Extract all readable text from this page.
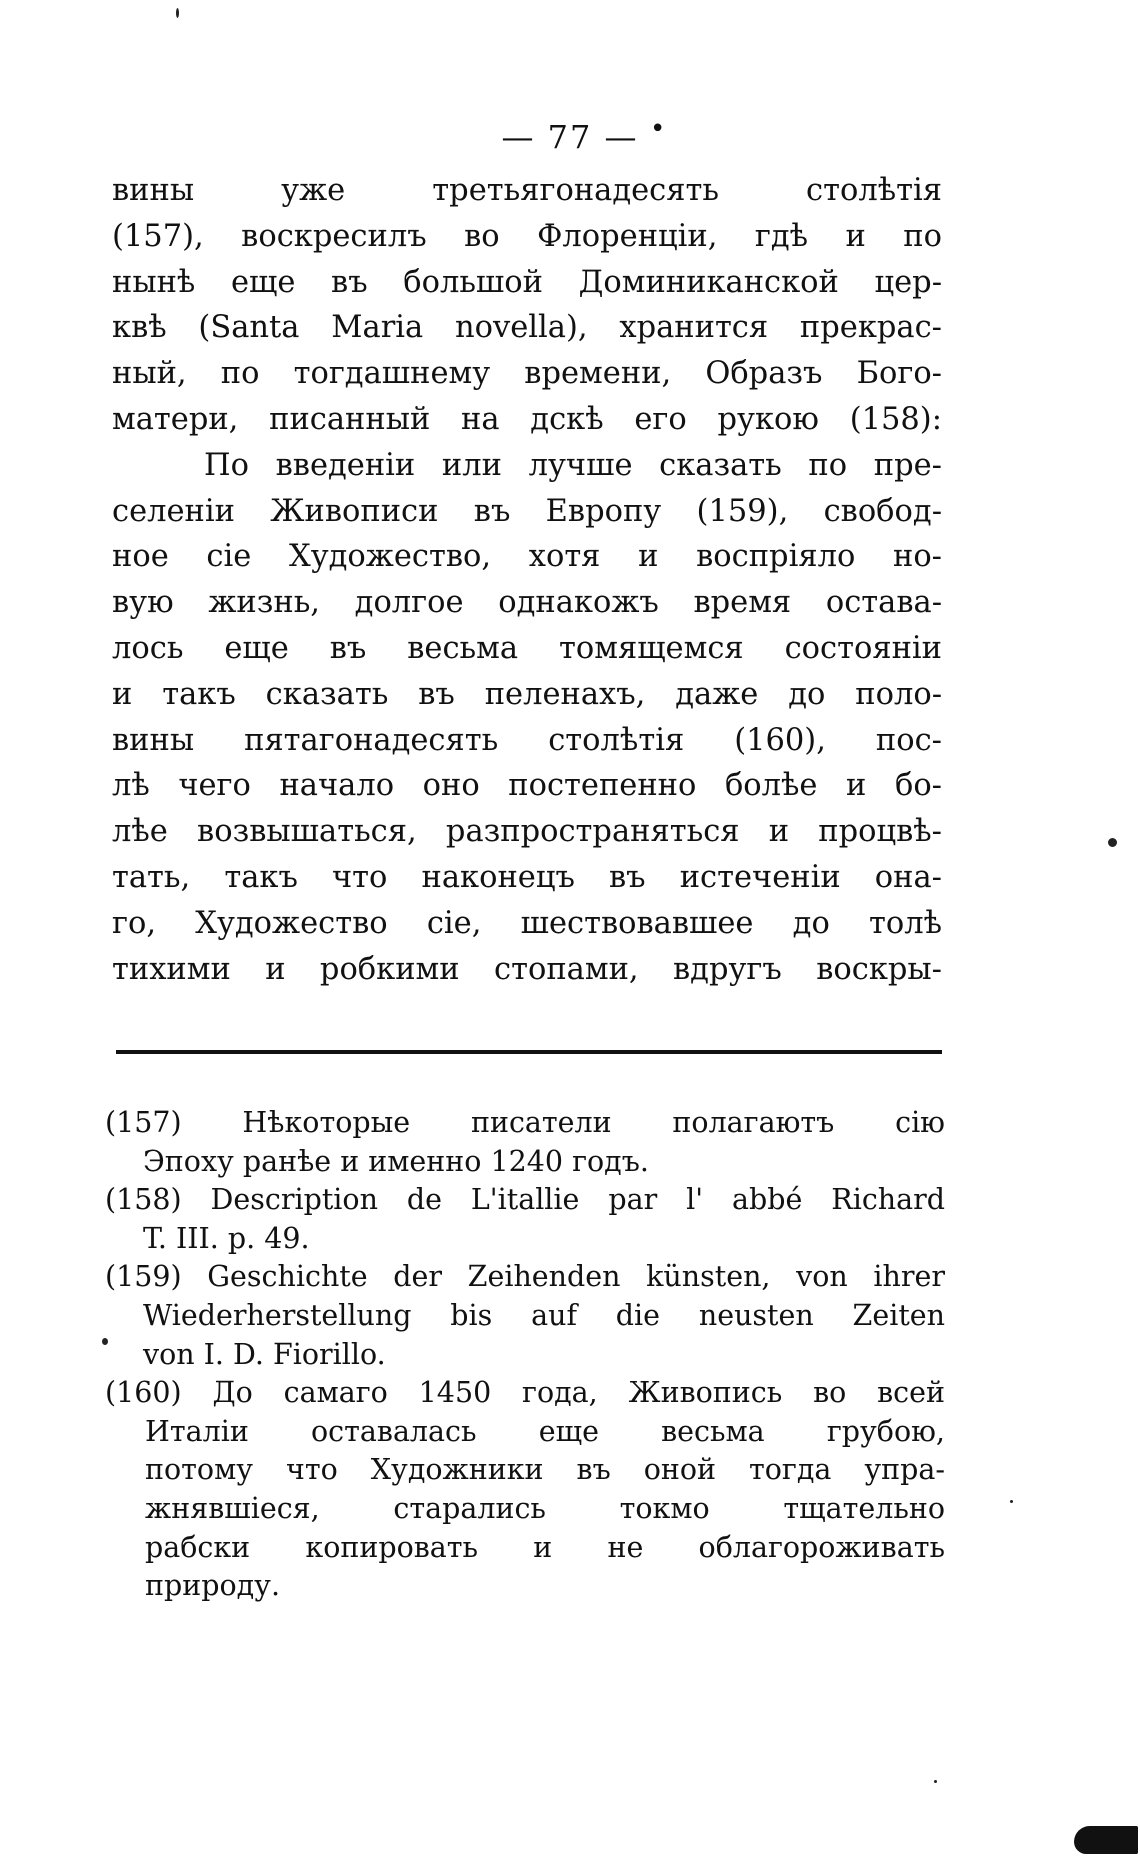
— 77 — •
вины уже третьягонадесять столѣтія
(157), воскресилъ во Флоренціи, гдѣ и по
нынѣ еще въ большой Доминиканской цер-
квѣ (Santa Maria novella), хранится прекрас-
ный, по тогдашнему времени, Образъ Бого-
матери, писанный на дскѣ его рукою (158):
По введеніи или лучше сказать по пре-
селеніи Живописи въ Европу (159), свобод-
ное сіе Художество, хотя и воспріяло но-
вую жизнь, долгое однакожъ время остава-
лось еще въ весьма томящемся состояніи
и такъ сказать въ пеленахъ, даже до поло-
вины пятагонадесять столѣтія (160), пос-
лѣ чего начало оно постепенно болѣе и бо-
лѣе возвышаться, разпространяться и процвѣ-
тать, такъ что наконецъ въ истеченіи она-
го, Художество сіе, шествовавшее до толѣ
тихими и робкими стопами, вдругъ воскры-
(157) Нѣкоторые писатели полагаютъ сію
Эпоху ранѣе и именно 1240 годъ.
(158) Description de L'itallie par l' abbé Richard
T. III. p. 49.
(159) Geschichte der Zeihenden künsten, von ihrer
Wiederherstellung bis auf die neusten Zeiten
von I. D. Fiorillo.
(160) До самаго 1450 года, Живопись во всей
Италіи оставалась еще весьма грубою,
потому что Художники въ оной тогда упра-
жнявшіеся, старались токмо тщательно
рабски копировать и не облагороживать
природу.
